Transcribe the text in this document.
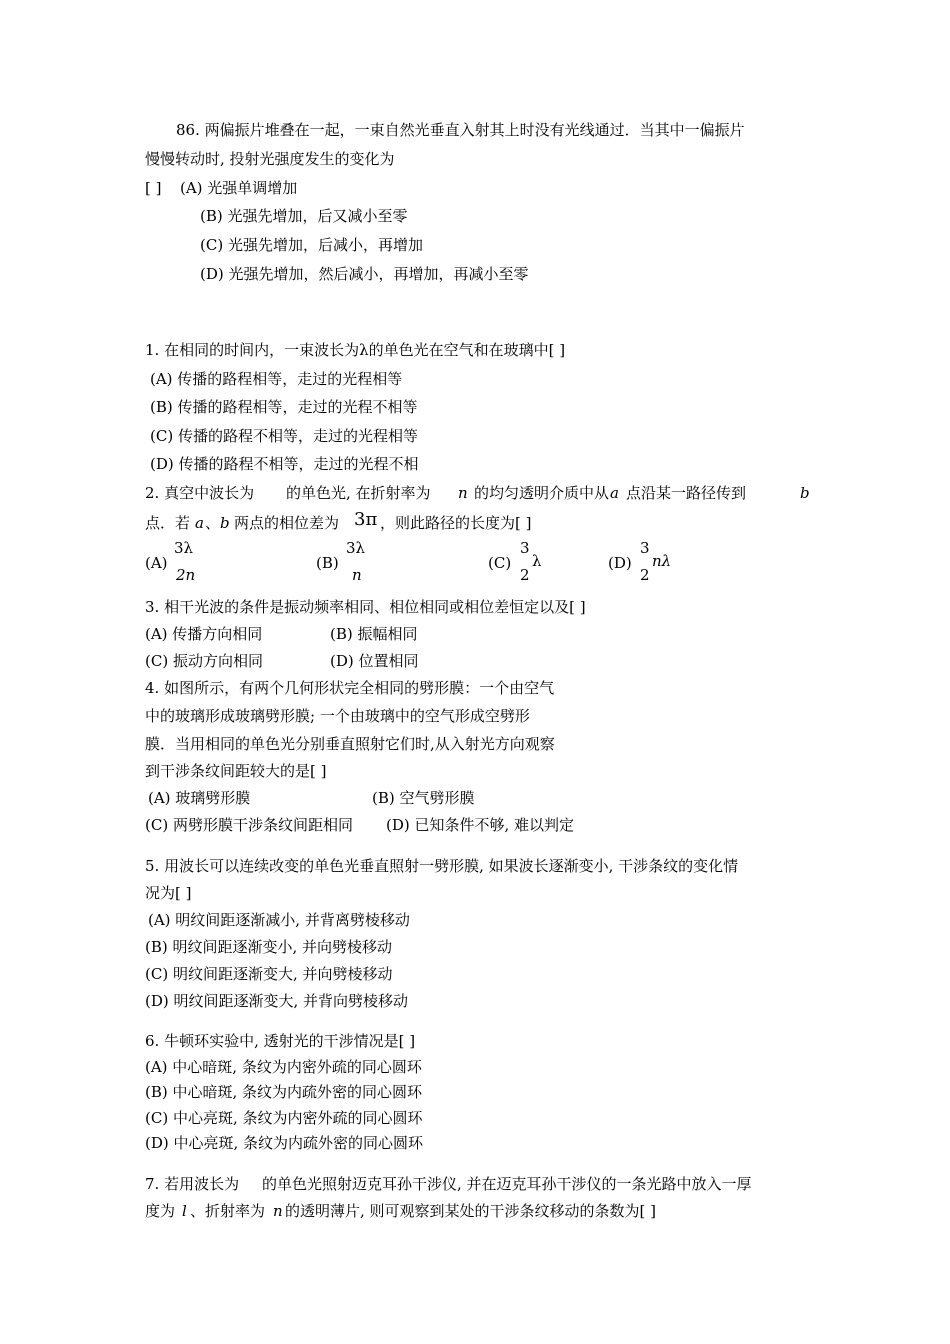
86. 两偏振片堆叠在一起，一束自然光垂直入射其上时没有光线通过．当其中一偏振片
慢慢转动时, 投射光强度发生的变化为
[ ] (A) 光强单调增加
(B) 光强先增加，后又减小至零
(C) 光强先增加，后减小，再增加
(D) 光强先增加，然后减小，再增加，再减小至零
1. 在相同的时间内，一束波长为λ的单色光在空气和在玻璃中[ ]
(A) 传播的路程相等，走过的光程相等
(B) 传播的路程相等，走过的光程不相等
(C) 传播的路程不相等，走过的光程相等
(D) 传播的路程不相等，走过的光程不相
2. 真空中波长为 的单色光, 在折射率为 n 的均匀透明介质中从 a 点沿某一路径传到	b
点．若 a 、 b 两点的相位差为 3π ，则此路径的长度为[ ]
(A)
3λ
2n
(B)
3λ
n
(C)
3
2
λ	(D)
3
2
nλ
3. 相干光波的条件是振动频率相同、相位相同或相位差恒定以及[ ]
(A) 传播方向相同	(B) 振幅相同
(C) 振动方向相同	(D) 位置相同
4. 如图所示，有两个几何形状完全相同的劈形膜：一个由空气
中的玻璃形成玻璃劈形膜; 一个由玻璃中的空气形成空劈形
膜．当用相同的单色光分别垂直照射它们时,从入射光方向观察
到干涉条纹间距较大的是[ ]
(A) 玻璃劈形膜	(B) 空气劈形膜
(C) 两劈形膜干涉条纹间距相同 (D) 已知条件不够, 难以判定
5. 用波长可以连续改变的单色光垂直照射一劈形膜, 如果波长逐渐变小, 干涉条纹的变化情
况为[ ]
(A) 明纹间距逐渐减小, 并背离劈棱移动
(B) 明纹间距逐渐变小, 并向劈棱移动
(C) 明纹间距逐渐变大, 并向劈棱移动
(D) 明纹间距逐渐变大, 并背向劈棱移动
6. 牛顿环实验中, 透射光的干涉情况是[ ]
(A) 中心暗斑, 条纹为内密外疏的同心圆环
(B) 中心暗斑, 条纹为内疏外密的同心圆环
(C) 中心亮斑, 条纹为内密外疏的同心圆环
(D) 中心亮斑, 条纹为内疏外密的同心圆环
7. 若用波长为 的单色光照射迈克耳孙干涉仪, 并在迈克耳孙干涉仪的一条光路中放入一厚
度为 l 、折射率为 n 的透明薄片, 则可观察到某处的干涉条纹移动的条数为[ ]
